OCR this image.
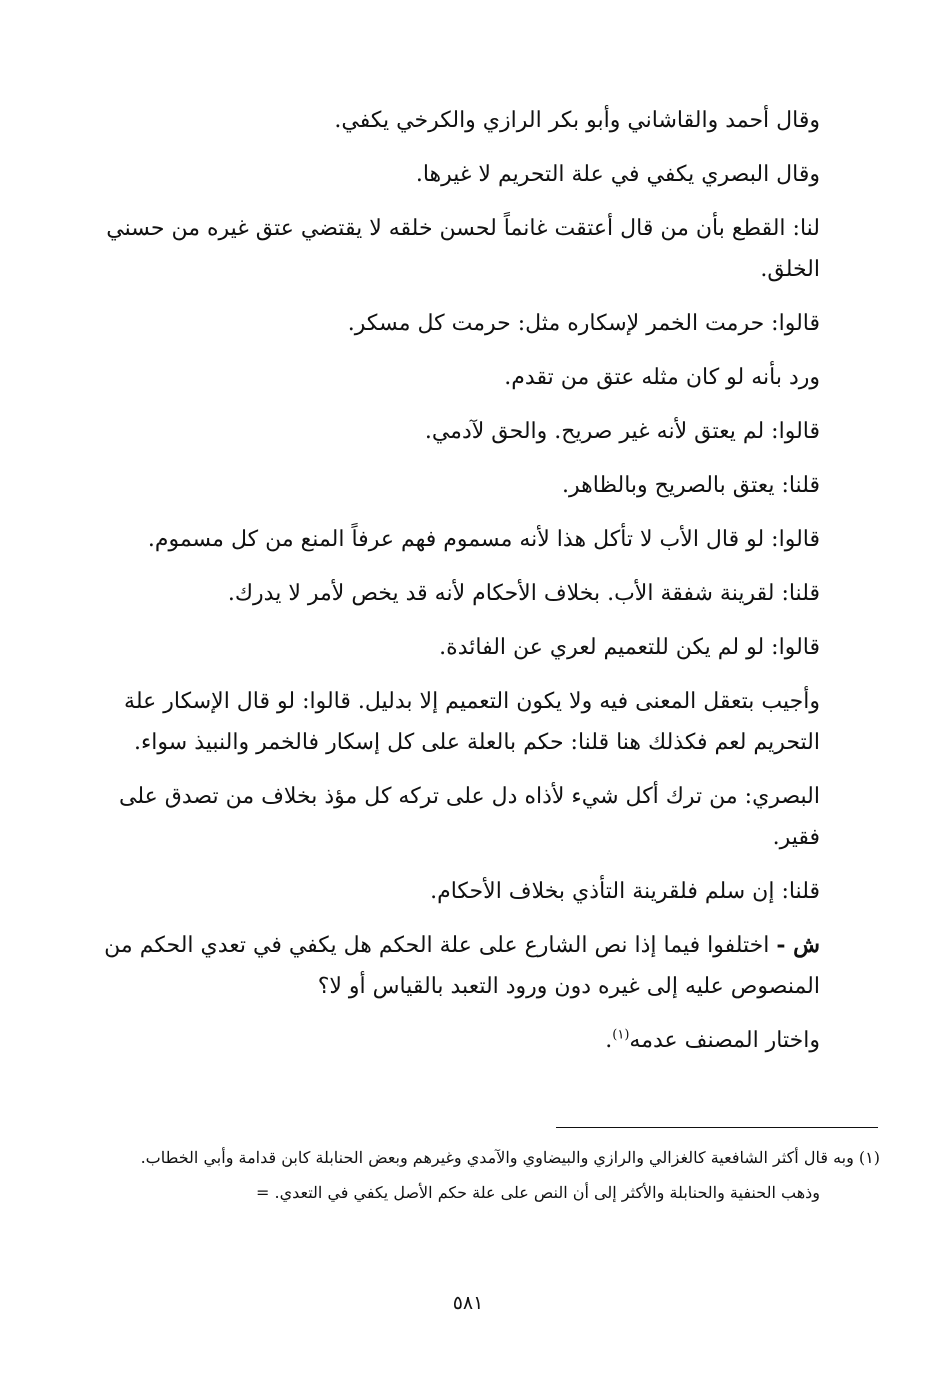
وقال أحمد والقاشاني وأبو بكر الرازي والكرخي يكفي.

وقال البصري يكفي في علة التحريم لا غيرها.

لنا: القطع بأن من قال أعتقت غانماً لحسن خلقه لا يقتضي عتق غيره من حسني الخلق.

قالوا: حرمت الخمر لإسكاره مثل: حرمت كل مسكر.

ورد بأنه لو كان مثله عتق من تقدم.

قالوا: لم يعتق لأنه غير صريح. والحق لآدمي.

قلنا: يعتق بالصريح وبالظاهر.

قالوا: لو قال الأب لا تأكل هذا لأنه مسموم فهم عرفاً المنع من كل مسموم.

قلنا: لقرينة شفقة الأب. بخلاف الأحكام لأنه قد يخص لأمر لا يدرك.

قالوا: لو لم يكن للتعميم لعري عن الفائدة.

وأجيب بتعقل المعنى فيه ولا يكون التعميم إلا بدليل. قالوا: لو قال الإسكار علة التحريم لعم فكذلك هنا قلنا: حكم بالعلة على كل إسكار فالخمر والنبيذ سواء.

البصري: من ترك أكل شيء لأذاه دل على تركه كل مؤذ بخلاف من تصدق على فقير.

قلنا: إن سلم فلقرينة التأذي بخلاف الأحكام.

ش - اختلفوا فيما إذا نص الشارع على علة الحكم هل يكفي في تعدي الحكم من المنصوص عليه إلى غيره دون ورود التعبد بالقياس أو لا؟

واختار المصنف عدمه$^{(١)}$.

(١) وبه قال أكثر الشافعية كالغزالي والرازي والبيضاوي والآمدي وغيرهم وبعض الحنابلة كابن قدامة وأبي الخطاب.

وذهب الحنفية والحنابلة والأكثر إلى أن النص على علة حكم الأصل يكفي في التعدي. =

٥٨١
